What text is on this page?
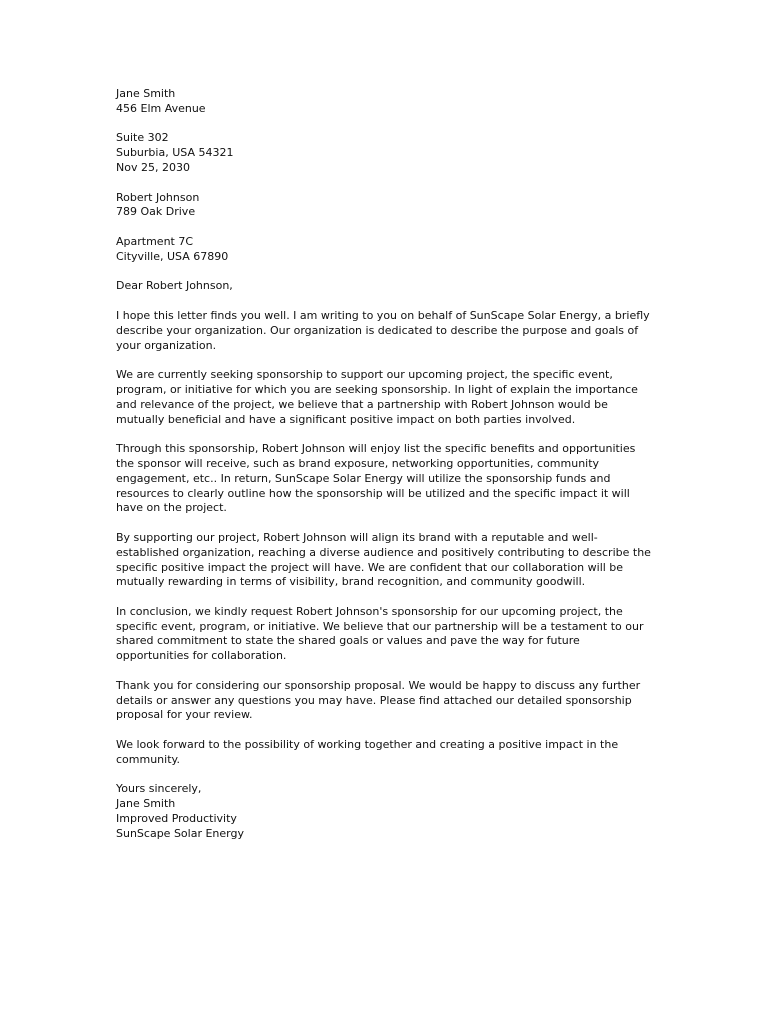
Jane Smith
456 Elm Avenue
Suite 302
Suburbia, USA 54321
Nov 25, 2030
Robert Johnson
789 Oak Drive
Apartment 7C
Cityville, USA 67890

Dear Robert Johnson,

I hope this letter finds you well. I am writing to you on behalf of SunScape Solar Energy, a briefly describe your organization. Our organization is dedicated to describe the purpose and goals of your organization.

We are currently seeking sponsorship to support our upcoming project, the specific event, program, or initiative for which you are seeking sponsorship. In light of explain the importance and relevance of the project, we believe that a partnership with Robert Johnson would be mutually beneficial and have a significant positive impact on both parties involved.

Through this sponsorship, Robert Johnson will enjoy list the specific benefits and opportunities the sponsor will receive, such as brand exposure, networking opportunities, community engagement, etc.. In return, SunScape Solar Energy will utilize the sponsorship funds and resources to clearly outline how the sponsorship will be utilized and the specific impact it will have on the project.

By supporting our project, Robert Johnson will align its brand with a reputable and well-established organization, reaching a diverse audience and positively contributing to describe the specific positive impact the project will have. We are confident that our collaboration will be mutually rewarding in terms of visibility, brand recognition, and community goodwill.

In conclusion, we kindly request Robert Johnson's sponsorship for our upcoming project, the specific event, program, or initiative. We believe that our partnership will be a testament to our shared commitment to state the shared goals or values and pave the way for future opportunities for collaboration.

Thank you for considering our sponsorship proposal. We would be happy to discuss any further details or answer any questions you may have. Please find attached our detailed sponsorship proposal for your review.

We look forward to the possibility of working together and creating a positive impact in the community.

Yours sincerely,
Jane Smith
Improved Productivity
SunScape Solar Energy
